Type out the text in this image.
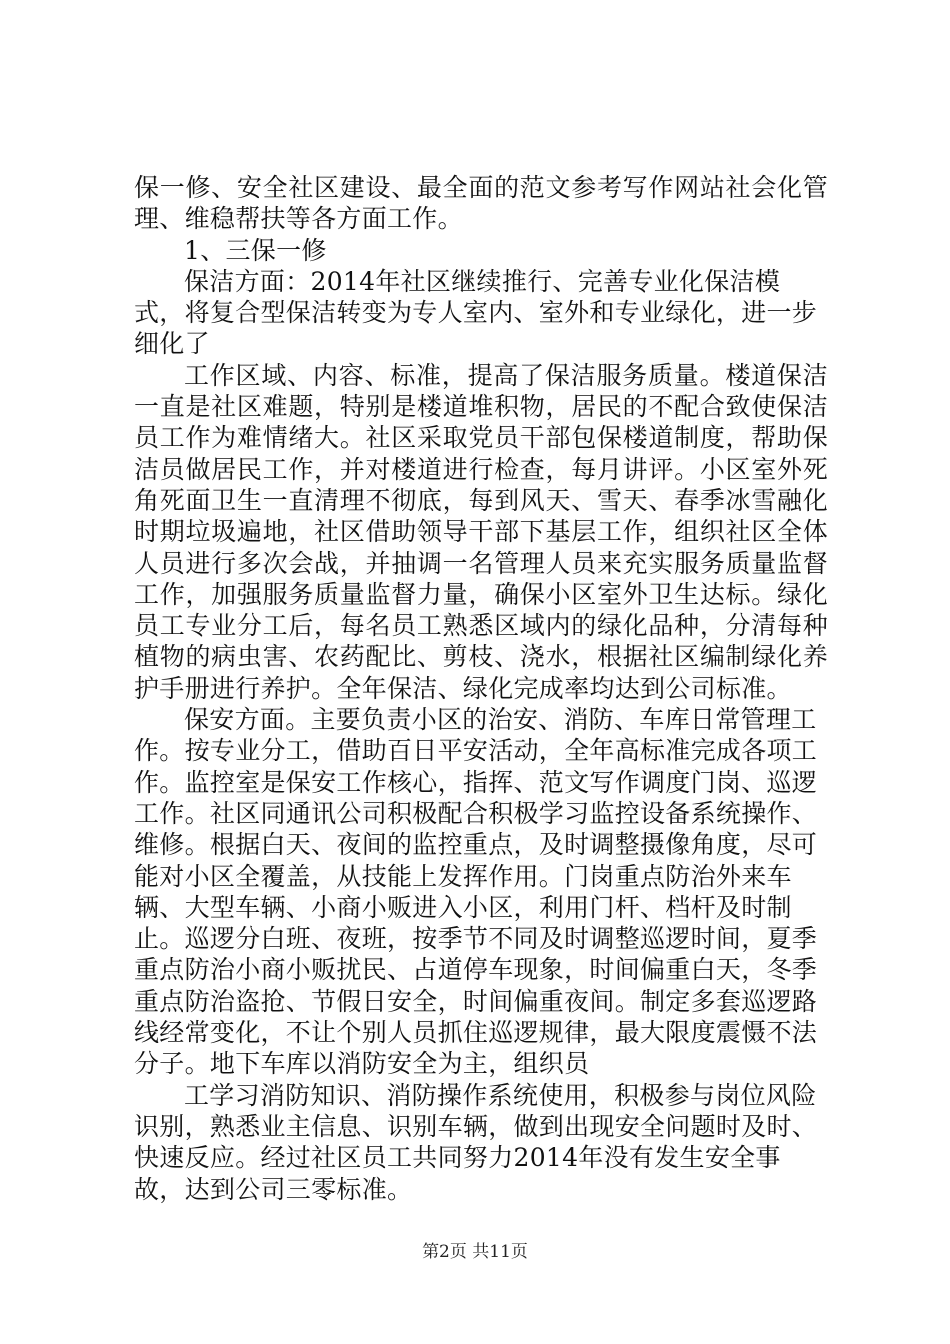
保一修、安全社区建设、最全面的范文参考写作网站社会化管理、维稳帮扶等各方面工作。

1、三保一修

保洁方面：2014年社区继续推行、完善专业化保洁模式，将复合型保洁转变为专人室内、室外和专业绿化，进一步细化了

工作区域、内容、标准，提高了保洁服务质量。楼道保洁一直是社区难题，特别是楼道堆积物，居民的不配合致使保洁员工作为难情绪大。社区采取党员干部包保楼道制度，帮助保洁员做居民工作，并对楼道进行检查，每月讲评。小区室外死角死面卫生一直清理不彻底，每到风天、雪天、春季冰雪融化时期垃圾遍地，社区借助领导干部下基层工作，组织社区全体人员进行多次会战，并抽调一名管理人员来充实服务质量监督工作，加强服务质量监督力量，确保小区室外卫生达标。绿化员工专业分工后，每名员工熟悉区域内的绿化品种，分清每种植物的病虫害、农药配比、剪枝、浇水，根据社区编制绿化养护手册进行养护。全年保洁、绿化完成率均达到公司标准。

保安方面。主要负责小区的治安、消防、车库日常管理工作。按专业分工，借助百日平安活动，全年高标准完成各项工作。监控室是保安工作核心，指挥、范文写作调度门岗、巡逻工作。社区同通讯公司积极配合积极学习监控设备系统操作、维修。根据白天、夜间的监控重点，及时调整摄像角度，尽可能对小区全覆盖，从技能上发挥作用。门岗重点防治外来车辆、大型车辆、小商小贩进入小区，利用门杆、档杆及时制止。巡逻分白班、夜班，按季节不同及时调整巡逻时间，夏季重点防治小商小贩扰民、占道停车现象，时间偏重白天，冬季重点防治盗抢、节假日安全，时间偏重夜间。制定多套巡逻路线经常变化，不让个别人员抓住巡逻规律，最大限度震慑不法分子。地下车库以消防安全为主，组织员

工学习消防知识、消防操作系统使用，积极参与岗位风险识别，熟悉业主信息、识别车辆，做到出现安全问题时及时、快速反应。经过社区员工共同努力2014年没有发生安全事故，达到公司三零标准。

第2页 共11页
